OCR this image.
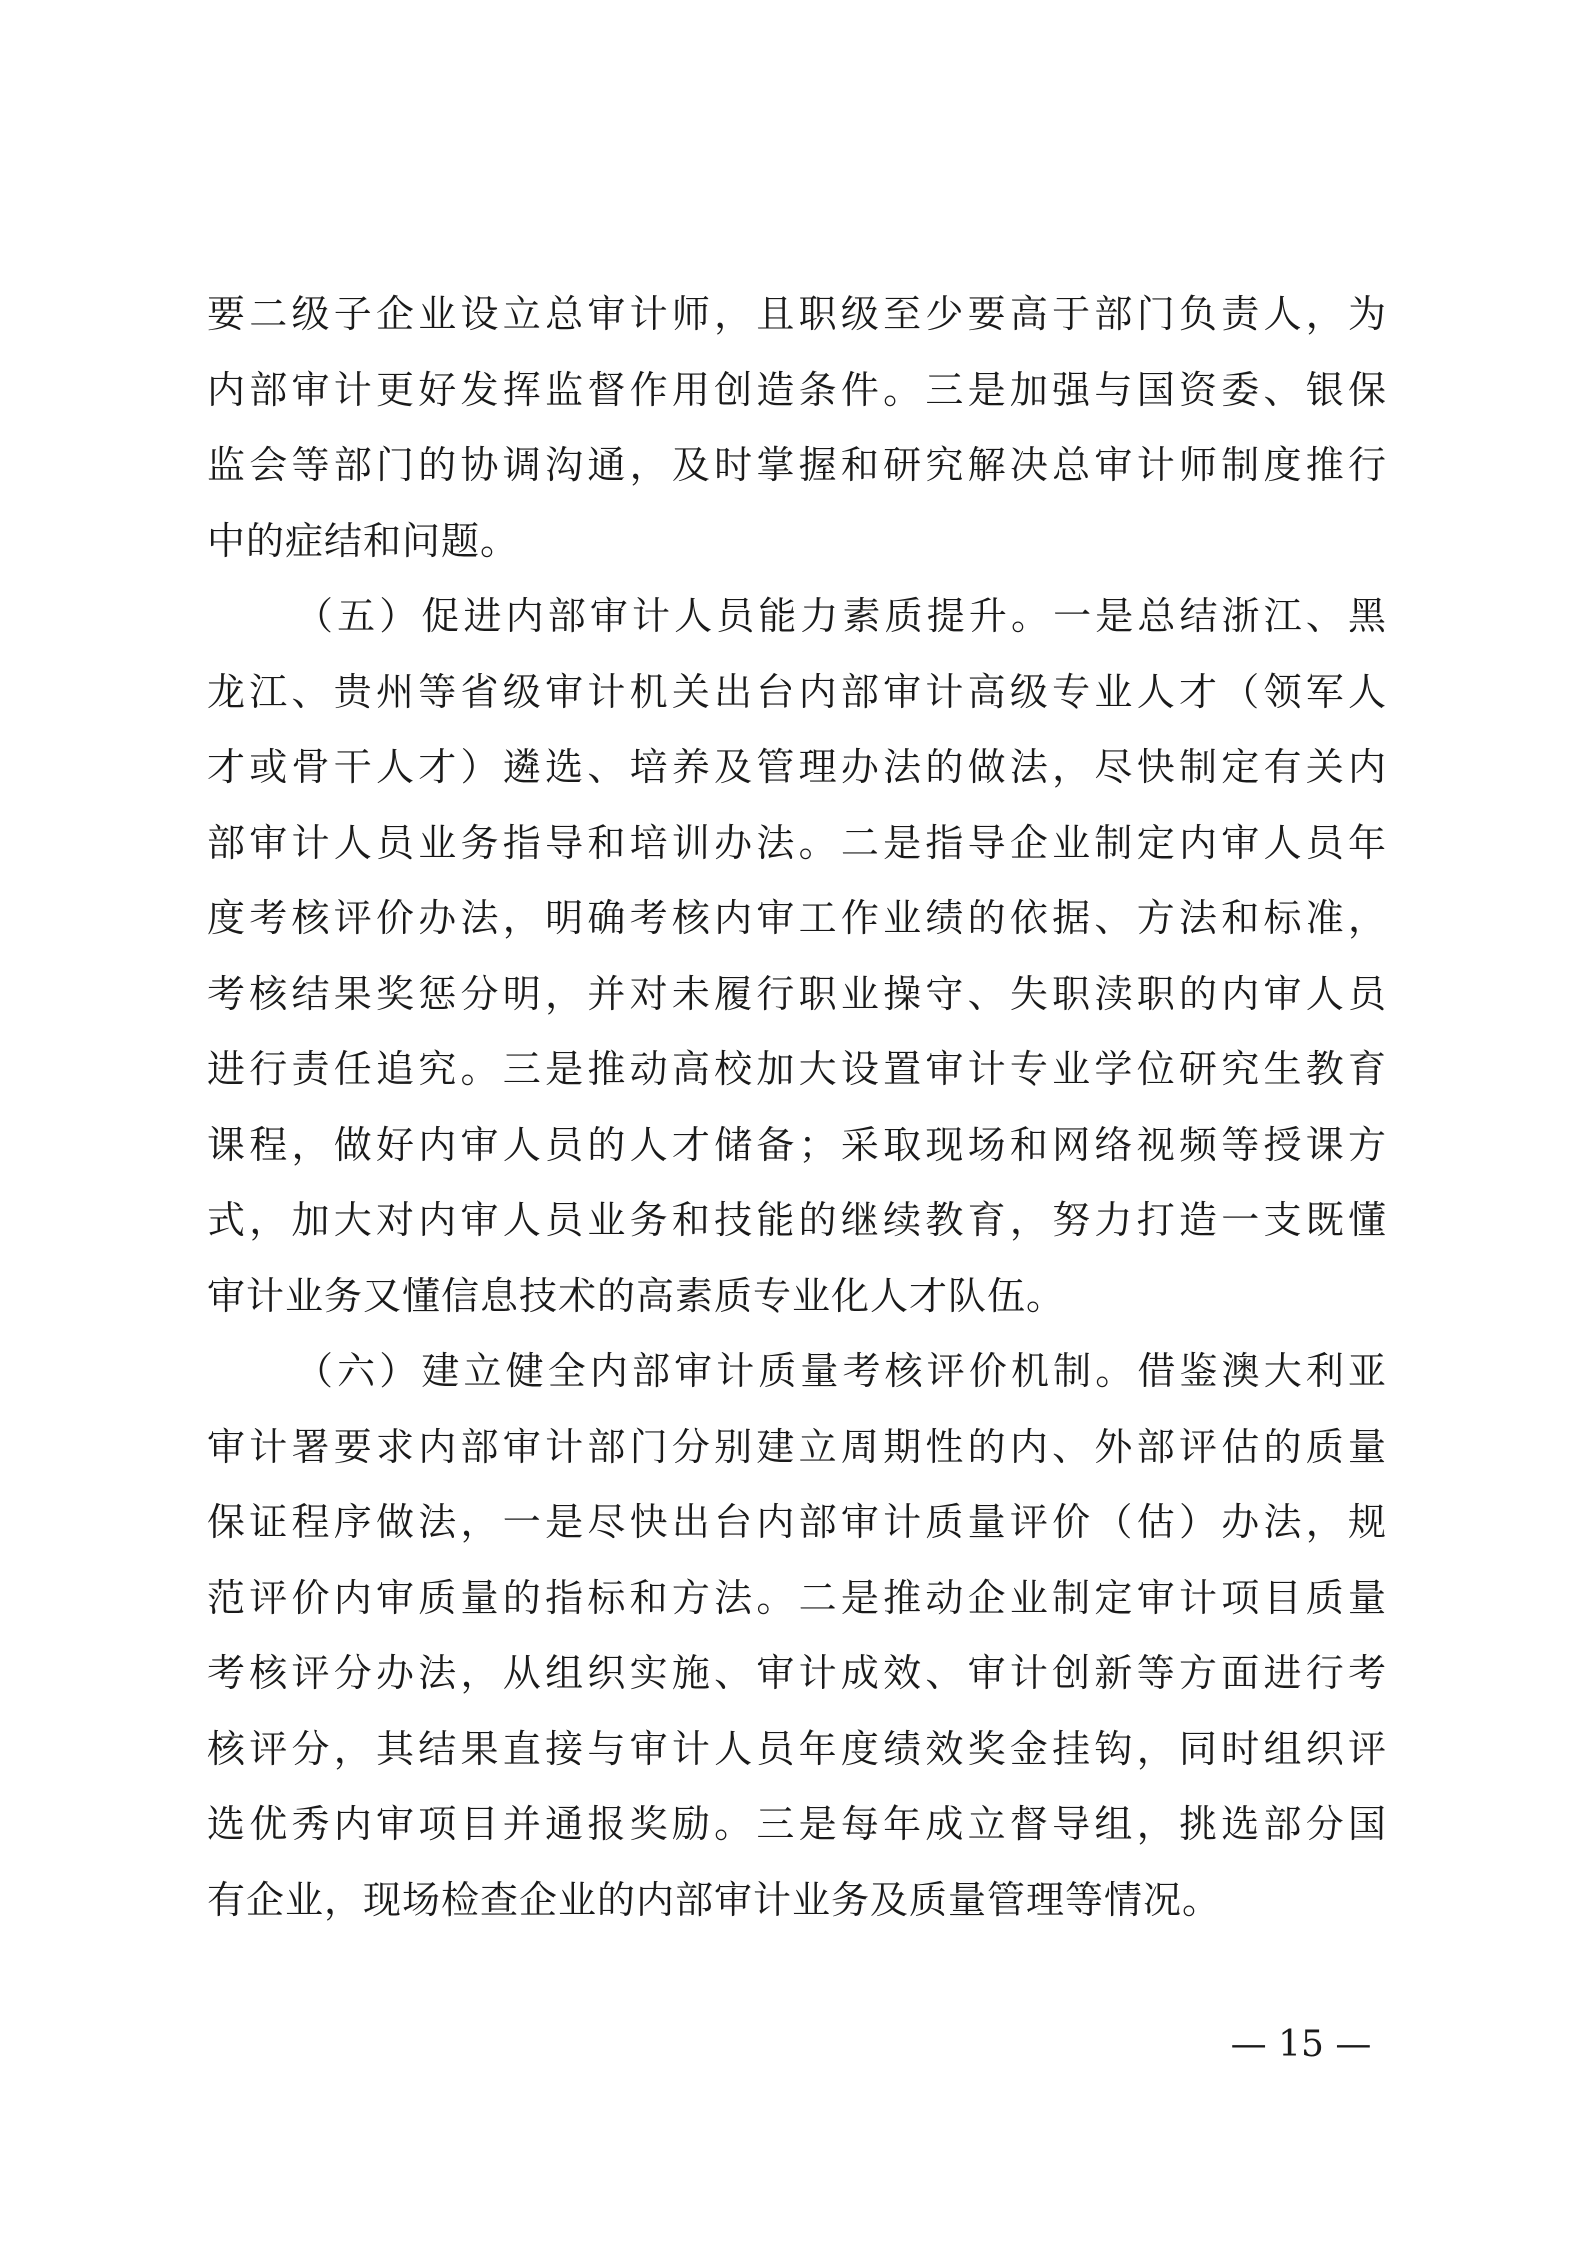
要二级子企业设立总审计师，且职级至少要高于部门负责人，为
内部审计更好发挥监督作用创造条件。三是加强与国资委、银保
监会等部门的协调沟通，及时掌握和研究解决总审计师制度推行
中的症结和问题。
（五）促进内部审计人员能力素质提升。一是总结浙江、黑
龙江、贵州等省级审计机关出台内部审计高级专业人才（领军人
才或骨干人才）遴选、培养及管理办法的做法，尽快制定有关内
部审计人员业务指导和培训办法。二是指导企业制定内审人员年
度考核评价办法，明确考核内审工作业绩的依据、方法和标准，
考核结果奖惩分明，并对未履行职业操守、失职渎职的内审人员
进行责任追究。三是推动高校加大设置审计专业学位研究生教育
课程，做好内审人员的人才储备；采取现场和网络视频等授课方
式，加大对内审人员业务和技能的继续教育，努力打造一支既懂
审计业务又懂信息技术的高素质专业化人才队伍。
（六）建立健全内部审计质量考核评价机制。借鉴澳大利亚
审计署要求内部审计部门分别建立周期性的内、外部评估的质量
保证程序做法，一是尽快出台内部审计质量评价（估）办法，规
范评价内审质量的指标和方法。二是推动企业制定审计项目质量
考核评分办法，从组织实施、审计成效、审计创新等方面进行考
核评分，其结果直接与审计人员年度绩效奖金挂钩，同时组织评
选优秀内审项目并通报奖励。三是每年成立督导组，挑选部分国
有企业，现场检查企业的内部审计业务及质量管理等情况。
— 15 —
